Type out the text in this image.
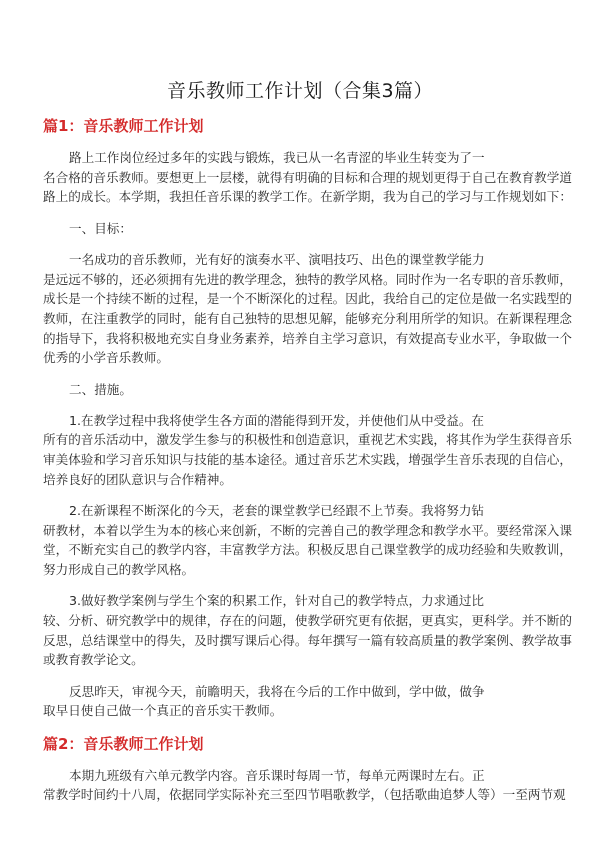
音乐教师工作计划（合集3篇）
篇1：音乐教师工作计划
路上工作岗位经过多年的实践与锻炼，我已从一名青涩的毕业生转变为了一
名合格的音乐教师。要想更上一层楼，就得有明确的目标和合理的规划更得于自己在教育教学道
路上的成长。本学期，我担任音乐课的教学工作。在新学期，我为自己的学习与工作规划如下：
一、目标：
一名成功的音乐教师，光有好的演奏水平、演唱技巧、出色的课堂教学能力
是远远不够的，还必须拥有先进的教学理念，独特的教学风格。同时作为一名专职的音乐教师，
成长是一个持续不断的过程，是一个不断深化的过程。因此，我给自己的定位是做一名实践型的
教师，在注重教学的同时，能有自己独特的思想见解，能够充分利用所学的知识。在新课程理念
的指导下，我将积极地充实自身业务素养，培养自主学习意识，有效提高专业水平，争取做一个
优秀的小学音乐教师。
二、措施。
1.在教学过程中我将使学生各方面的潜能得到开发，并使他们从中受益。在
所有的音乐活动中，激发学生参与的积极性和创造意识，重视艺术实践，将其作为学生获得音乐
审美体验和学习音乐知识与技能的基本途径。通过音乐艺术实践，增强学生音乐表现的自信心，
培养良好的团队意识与合作精神。
2.在新课程不断深化的今天，老套的课堂教学已经跟不上节奏。我将努力钻
研教材，本着以学生为本的核心来创新，不断的完善自己的教学理念和教学水平。要经常深入课
堂，不断充实自己的教学内容，丰富教学方法。积极反思自己课堂教学的成功经验和失败教训，
努力形成自己的教学风格。
3.做好教学案例与学生个案的积累工作，针对自己的教学特点，力求通过比
较、分析、研究教学中的规律，存在的问题，使教学研究更有依据，更真实，更科学。并不断的
反思，总结课堂中的得失，及时撰写课后心得。每年撰写一篇有较高质量的教学案例、教学故事
或教育教学论文。
反思昨天，审视今天，前瞻明天，我将在今后的工作中做到，学中做，做争
取早日使自己做一个真正的音乐实干教师。
篇2：音乐教师工作计划
本期九班级有六单元教学内容。音乐课时每周一节，每单元两课时左右。正
常教学时间约十八周，依据同学实际补充三至四节唱歌教学，（包括歌曲追梦人等）一至两节观
